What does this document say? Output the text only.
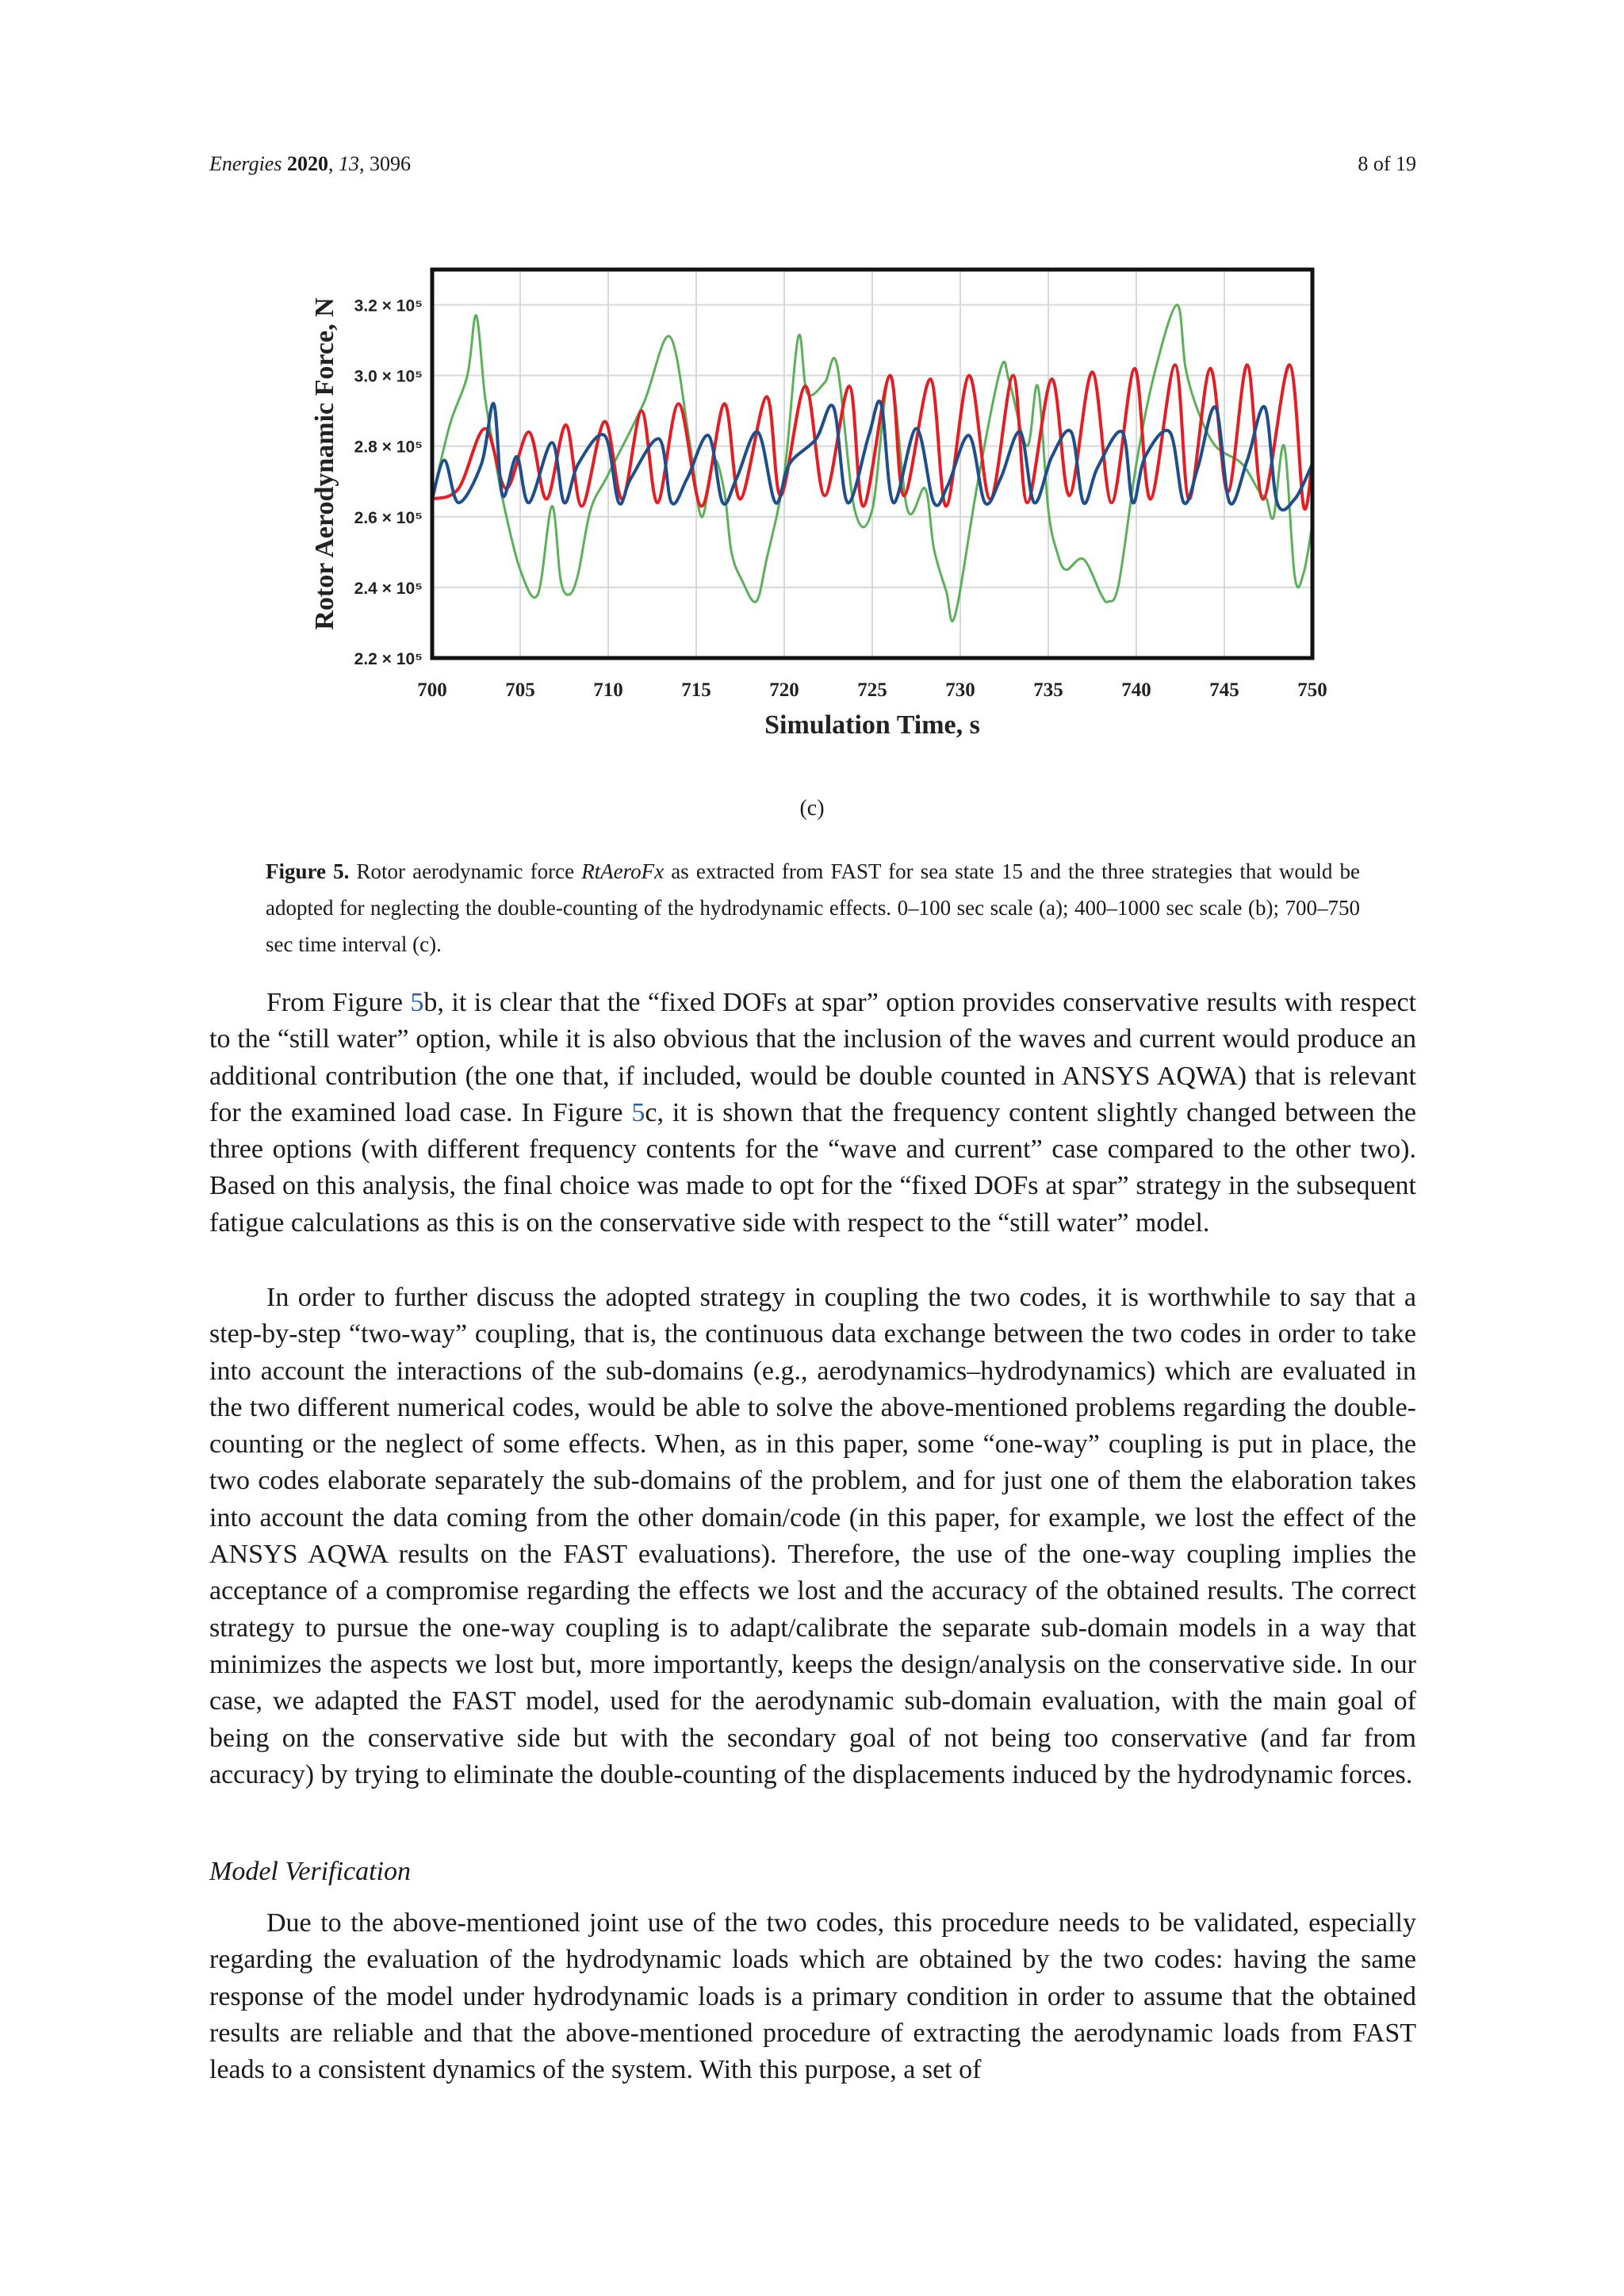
Energies 2020, 13, 3096	8 of 19
2.2 × 10⁵
2.4 × 10⁵
2.6 × 10⁵
2.8 × 10⁵
3.0 × 10⁵
3.2 × 10⁵
700	705	710	715	720	725	730	735	740	745	750
Rotor Aerodynamic Force, N
Simulation Time, s
(c)
Figure 5. Rotor aerodynamic force RtAeroFx as extracted from FAST for sea state 15 and the three strategies that would be adopted for neglecting the double-counting of the hydrodynamic effects. 0–100 sec scale (a); 400–1000 sec scale (b); 700–750 sec time interval (c).

From Figure 5b, it is clear that the “fixed DOFs at spar” option provides conservative results with respect to the “still water” option, while it is also obvious that the inclusion of the waves and current would produce an additional contribution (the one that, if included, would be double counted in ANSYS AQWA) that is relevant for the examined load case. In Figure 5c, it is shown that the frequency content slightly changed between the three options (with different frequency contents for the “wave and current” case compared to the other two). Based on this analysis, the final choice was made to opt for the “fixed DOFs at spar” strategy in the subsequent fatigue calculations as this is on the conservative side with respect to the “still water” model.

In order to further discuss the adopted strategy in coupling the two codes, it is worthwhile to say that a step-by-step “two-way” coupling, that is, the continuous data exchange between the two codes in order to take into account the interactions of the sub-domains (e.g., aerodynamics–hydrodynamics) which are evaluated in the two different numerical codes, would be able to solve the above-mentioned problems regarding the double-counting or the neglect of some effects. When, as in this paper, some “one-way” coupling is put in place, the two codes elaborate separately the sub-domains of the problem, and for just one of them the elaboration takes into account the data coming from the other domain/code (in this paper, for example, we lost the effect of the ANSYS AQWA results on the FAST evaluations). Therefore, the use of the one-way coupling implies the acceptance of a compromise regarding the effects we lost and the accuracy of the obtained results. The correct strategy to pursue the one-way coupling is to adapt/calibrate the separate sub-domain models in a way that minimizes the aspects we lost but, more importantly, keeps the design/analysis on the conservative side. In our case, we adapted the FAST model, used for the aerodynamic sub-domain evaluation, with the main goal of being on the conservative side but with the secondary goal of not being too conservative (and far from accuracy) by trying to eliminate the double-counting of the displacements induced by the hydrodynamic forces.

Model Verification

Due to the above-mentioned joint use of the two codes, this procedure needs to be validated, especially regarding the evaluation of the hydrodynamic loads which are obtained by the two codes: having the same response of the model under hydrodynamic loads is a primary condition in order to assume that the obtained results are reliable and that the above-mentioned procedure of extracting the aerodynamic loads from FAST leads to a consistent dynamics of the system. With this purpose, a set of
